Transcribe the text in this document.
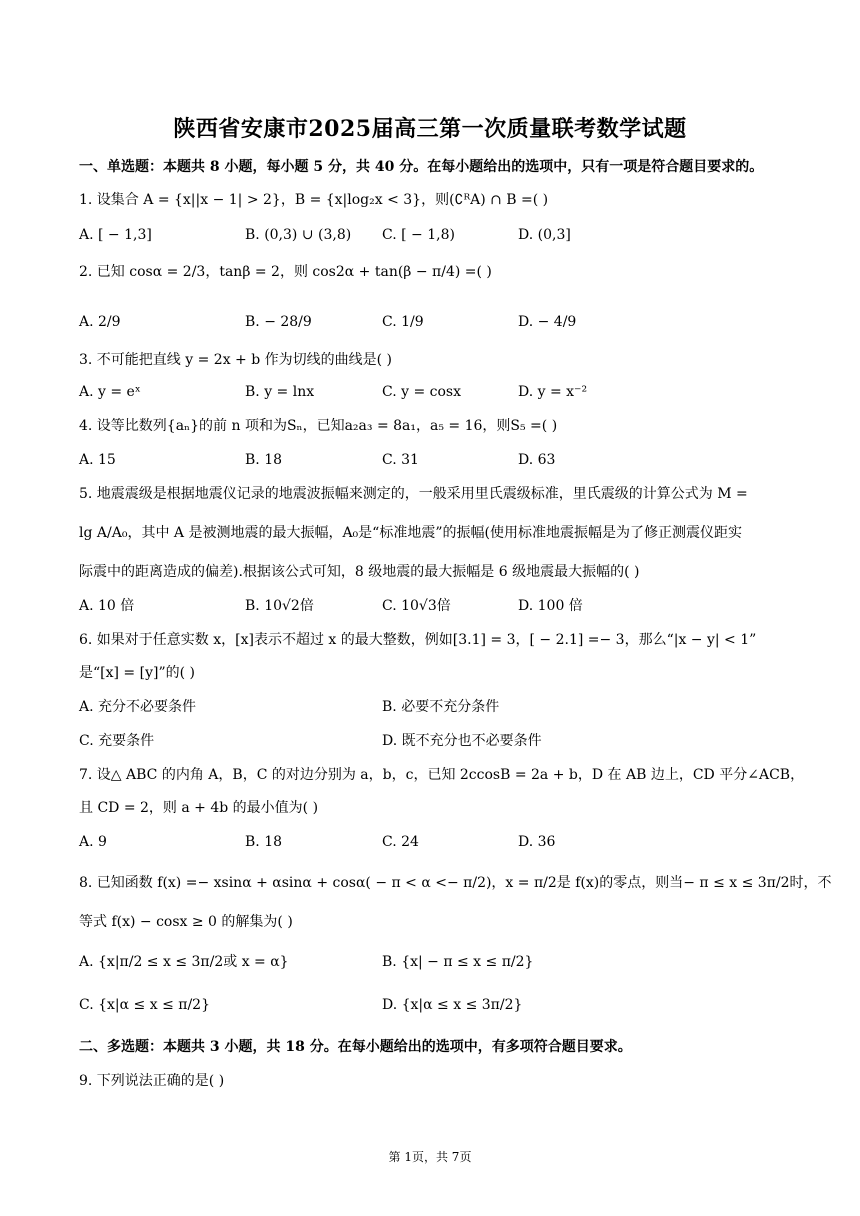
陕西省安康市2025届高三第一次质量联考数学试题
一、单选题：本题共 8 小题，每小题 5 分，共 40 分。在每小题给出的选项中，只有一项是符合题目要求的。
1. 设集合 A = {x||x − 1| > 2}，B = {x|log₂x < 3}，则(∁ᴿA) ∩ B =( )
A. [ − 1,3]	B. (0,3) ∪ (3,8) C. [ − 1,8)	D. (0,3]
2. 已知 cosα = 2/3，tanβ = 2，则 cos2α + tan(β − π/4) =( )
A. 2/9	B. − 28/9	C. 1/9	D. − 4/9
3. 不可能把直线 y = 2x + b 作为切线的曲线是( )
A. y = eˣ	B. y = lnx	C. y = cosx	D. y = x⁻²
4. 设等比数列{aₙ}的前 n 项和为Sₙ，已知a₂a₃ = 8a₁，a₅ = 16，则S₅ =( )
A. 15	B. 18	C. 31	D. 63
5. 地震震级是根据地震仪记录的地震波振幅来测定的，一般采用里氏震级标准，里氏震级的计算公式为 M =
lg A/A₀，其中 A 是被测地震的最大振幅，A₀是“标准地震”的振幅(使用标准地震振幅是为了修正测震仪距实
际震中的距离造成的偏差).根据该公式可知，8 级地震的最大振幅是 6 级地震最大振幅的( )
A. 10 倍	B. 10√2倍	C. 10√3倍	D. 100 倍
6. 如果对于任意实数 x，[x]表示不超过 x 的最大整数，例如[3.1] = 3，[ − 2.1] =− 3，那么“|x − y| < 1”
是“[x] = [y]”的( )
A. 充分不必要条件	B. 必要不充分条件
C. 充要条件	D. 既不充分也不必要条件
7. 设△ ABC 的内角 A，B，C 的对边分别为 a，b，c，已知 2ccosB = 2a + b，D 在 AB 边上，CD 平分∠ACB，
且 CD = 2，则 a + 4b 的最小值为( )
A. 9	B. 18	C. 24	D. 36
8. 已知函数 f(x) =− xsinα + αsinα + cosα( − π < α <− π/2)，x = π/2是 f(x)的零点，则当− π ≤ x ≤ 3π/2时，不
等式 f(x) − cosx ≥ 0 的解集为( )
A. {x|π/2 ≤ x ≤ 3π/2或 x = α}	B. {x| − π ≤ x ≤ π/2}
C. {x|α ≤ x ≤ π/2}	D. {x|α ≤ x ≤ 3π/2}
二、多选题：本题共 3 小题，共 18 分。在每小题给出的选项中，有多项符合题目要求。
9. 下列说法正确的是( )
第 1页，共 7页
